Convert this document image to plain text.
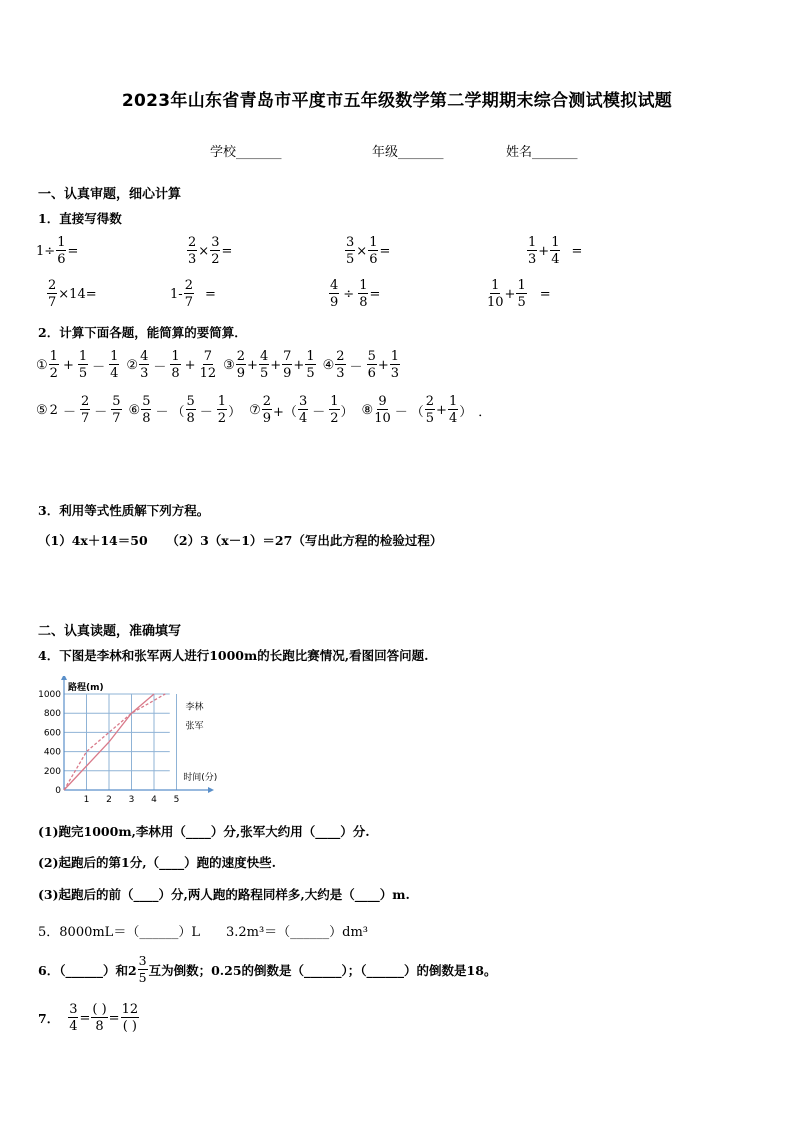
2023年山东省青岛市平度市五年级数学第二学期期末综合测试模拟试题
学校_______	年级_______	姓名_______
一、认真审题，细心计算
1．直接写得数
$1 \div \frac{1}{6}$ =	$\frac{2}{3} \times \frac{3}{2}$ =	$\frac{3}{5} \times \frac{1}{6}$ =	$\frac{1}{3} + \frac{1}{4}$ =
$\frac{2}{7} \times 14$ =	$1 - \frac{2}{7}$ =	$\frac{4}{9} \div \frac{1}{8}$ =	$\frac{1}{10} + \frac{1}{5}$ =
2．计算下面各题，能简算的要简算．
① $\frac{1}{2} + \frac{1}{5} - \frac{1}{4}$ ② $\frac{4}{3} - \frac{1}{8} + \frac{7}{12}$ ③ $\frac{2}{9} + \frac{4}{5} + \frac{7}{9} + \frac{1}{5}$ ④ $\frac{2}{3} - \frac{5}{6} + \frac{1}{3}$
⑤ $2 - \frac{2}{7} - \frac{5}{7}$ ⑥ $\frac{5}{8}$ － （ $\frac{5}{8} - \frac{1}{2}$ ） ⑦ $\frac{2}{9}$ +（ $\frac{3}{4} - \frac{1}{2}$ ） ⑧ $\frac{9}{10}$ － （ $\frac{2}{5} + \frac{1}{4}$ ） ．
3．利用等式性质解下列方程。
（1）4x＋14＝50　　（2）3（x－1）＝27（写出此方程的检验过程）
二、认真读题，准确填写
4．下图是李林和张军两人进行1000m的长跑比赛情况,看图回答问题.
0
200
400
600
800
1000
1 2 3 4 5
路程(m)
时间(分)
李林
张军
(1)跑完1000m,李林用（____）分,张军大约用（____）分.
(2)起跑后的第1分,（____）跑的速度快些.
(3)起跑后的前（____）分,两人跑的路程同样多,大约是（____）m.
5．8000mL＝（______）L　　3.2m³＝（______）dm³
6．（______）和$2 \frac{3}{5}$ 互为倒数；0.25的倒数是（______）；（______）的倒数是18。
7． $\frac{3}{4} = \frac{( )}{8} = \frac{12}{( )}$
